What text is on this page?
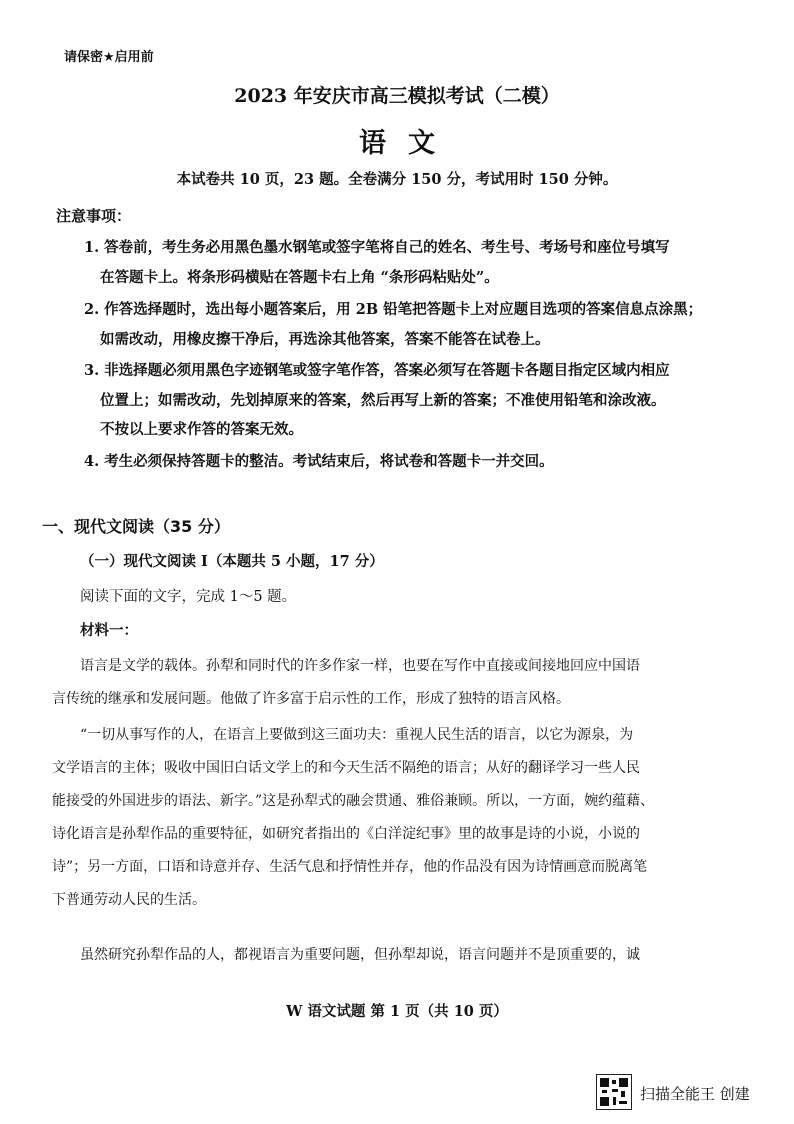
请保密★启用前
2023 年安庆市高三模拟考试（二模）
语文
本试卷共 10 页，23 题。全卷满分 150 分，考试用时 150 分钟。
注意事项：
1. 答卷前，考生务必用黑色墨水钢笔或签字笔将自己的姓名、考生号、考场号和座位号填写
在答题卡上。将条形码横贴在答题卡右上角 “条形码粘贴处”。
2. 作答选择题时，选出每小题答案后，用 2B 铅笔把答题卡上对应题目选项的答案信息点涂黑；
如需改动，用橡皮擦干净后，再选涂其他答案，答案不能答在试卷上。
3. 非选择题必须用黑色字迹钢笔或签字笔作答，答案必须写在答题卡各题目指定区域内相应
位置上；如需改动，先划掉原来的答案，然后再写上新的答案；不准使用铅笔和涂改液。
不按以上要求作答的答案无效。
4. 考生必须保持答题卡的整洁。考试结束后，将试卷和答题卡一并交回。
一、现代文阅读（35 分）
（一）现代文阅读 Ⅰ（本题共 5 小题，17 分）
阅读下面的文字，完成 1～5 题。
材料一：
语言是文学的载体。孙犁和同时代的许多作家一样，也要在写作中直接或间接地回应中国语
言传统的继承和发展问题。他做了许多富于启示性的工作，形成了独特的语言风格。
“一切从事写作的人，在语言上要做到这三面功夫：重视人民生活的语言，以它为源泉，为
文学语言的主体；吸收中国旧白话文学上的和今天生活不隔绝的语言；从好的翻译学习一些人民
能接受的外国进步的语法、新字。”这是孙犁式的融会贯通、雅俗兼顾。所以，一方面，婉约蕴藉、
诗化语言是孙犁作品的重要特征，如研究者指出的《白洋淀纪事》里的故事是诗的小说，小说的
诗”；另一方面，口语和诗意并存、生活气息和抒情性并存，他的作品没有因为诗情画意而脱离笔
下普通劳动人民的生活。
虽然研究孙犁作品的人，都视语言为重要问题，但孙犁却说，语言问题并不是顶重要的，诚
W 语文试题 第 1 页（共 10 页）
扫描全能王 创建
